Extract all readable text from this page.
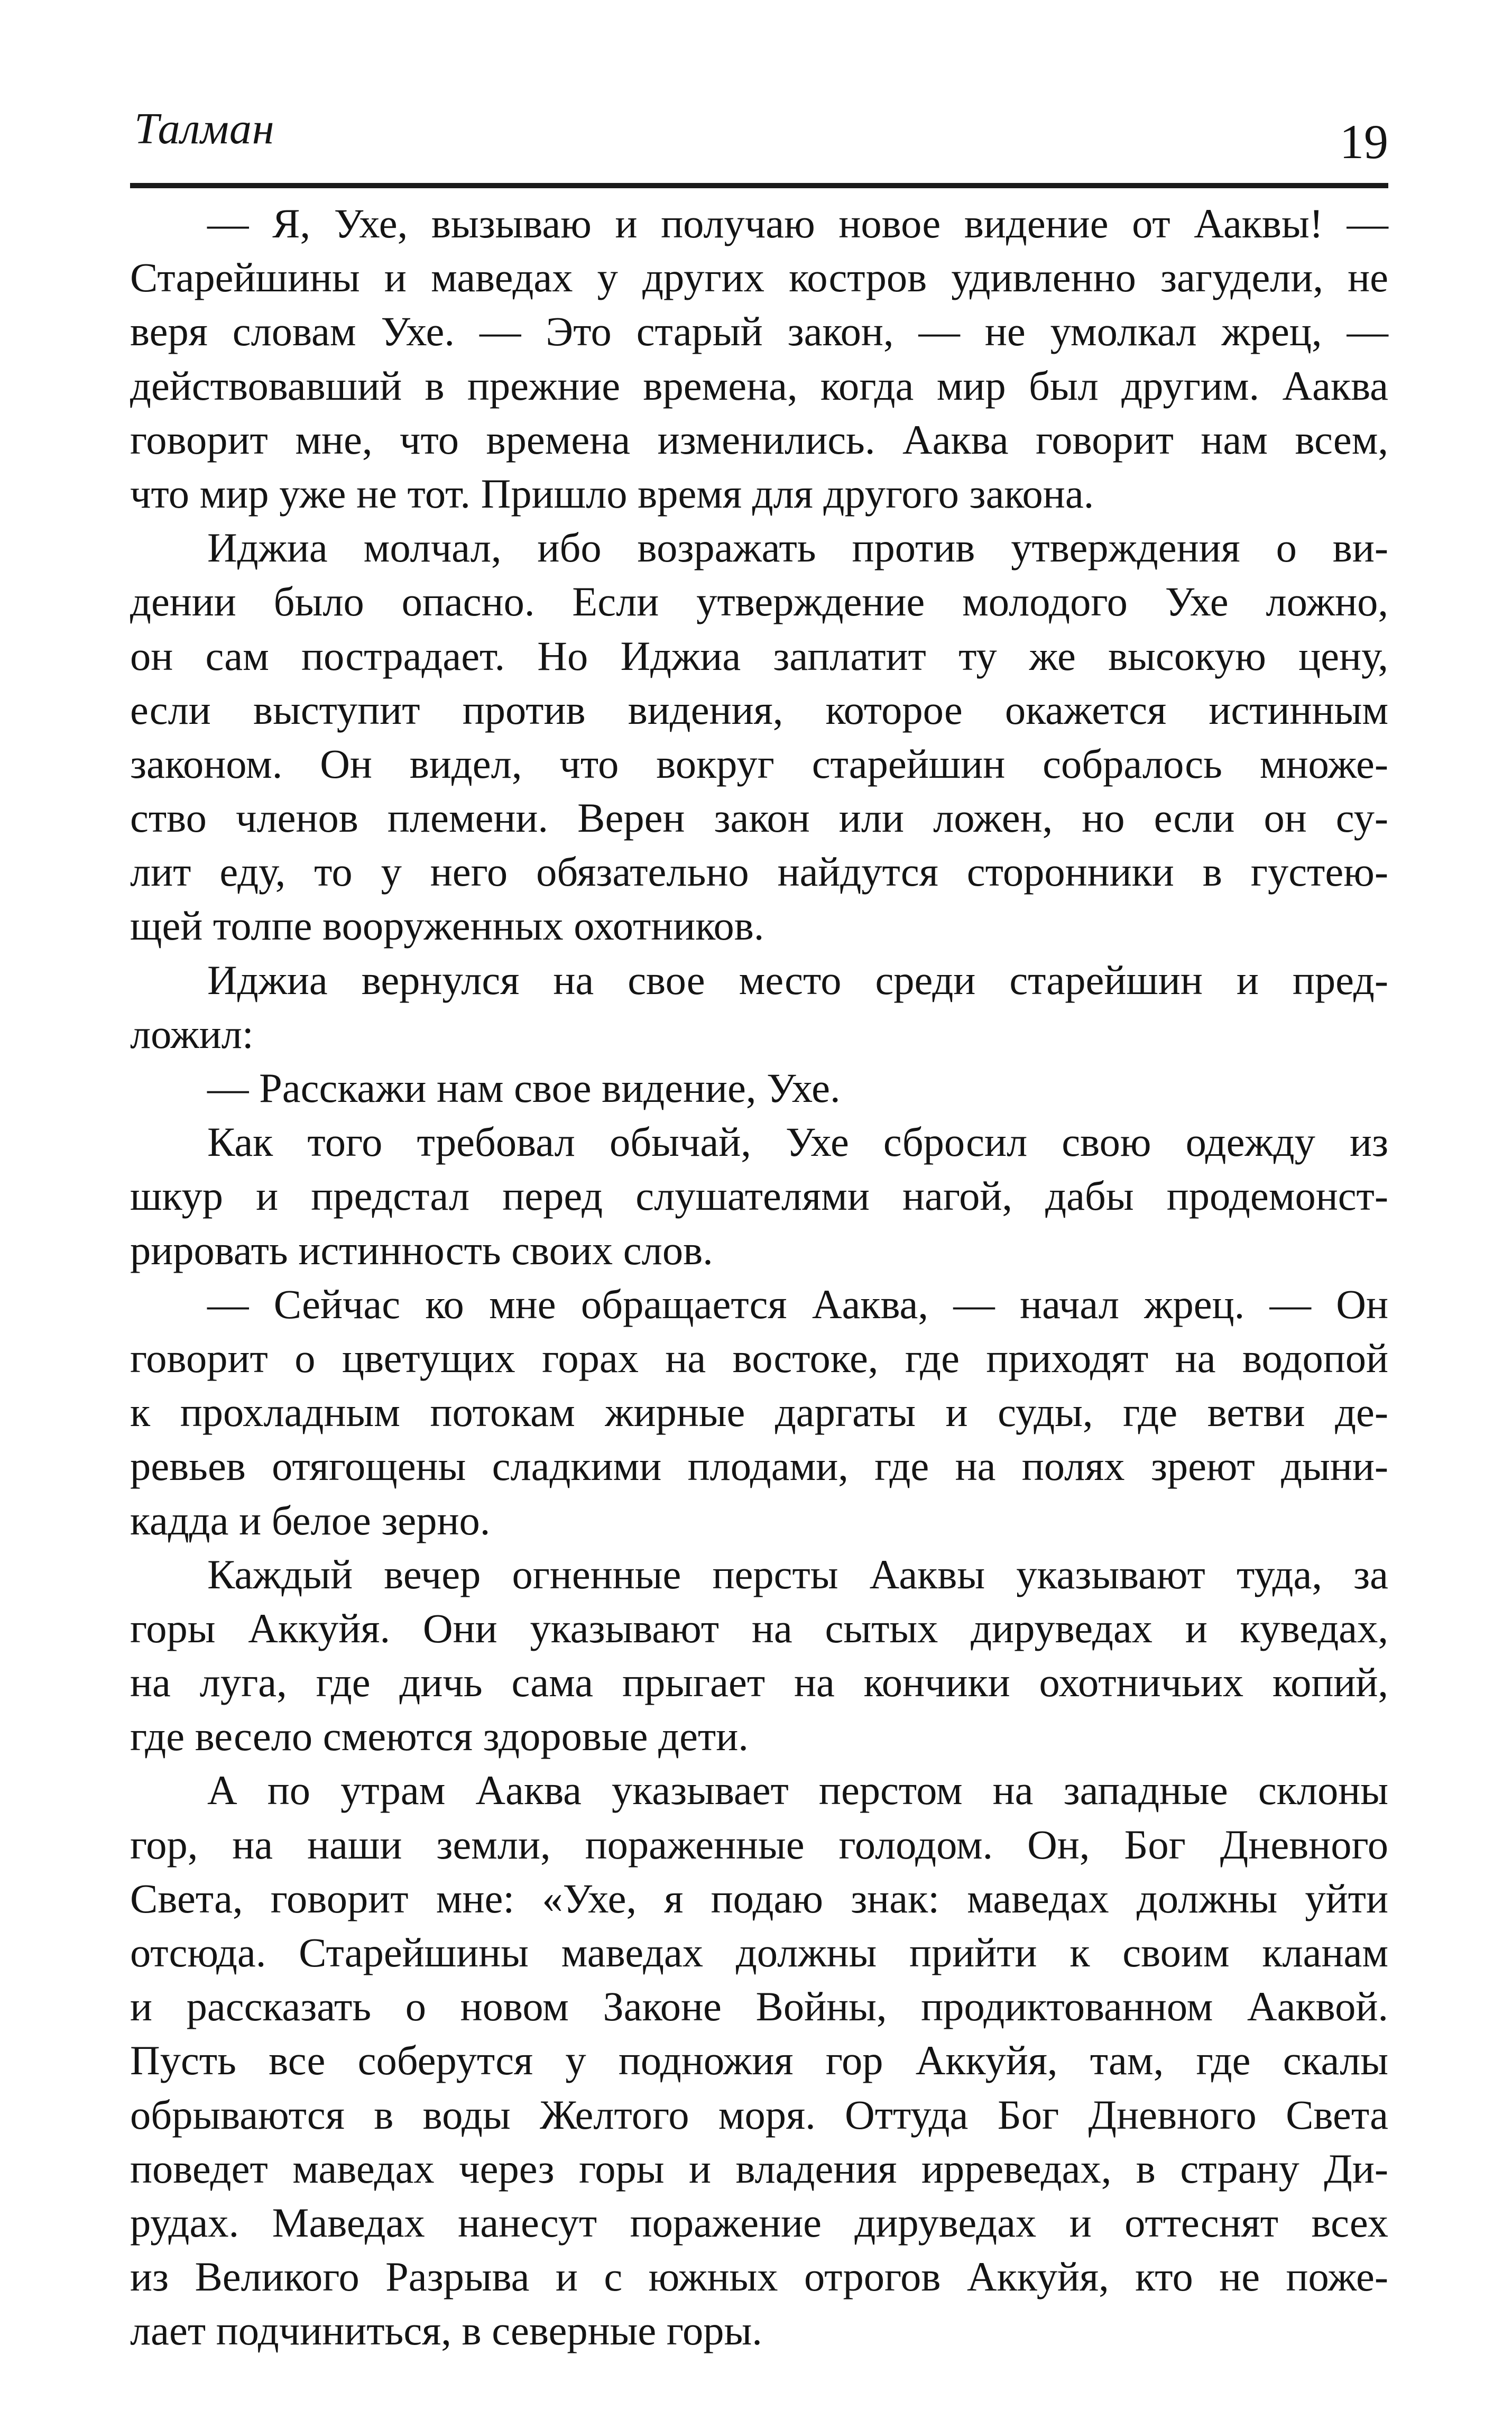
Талман	19
— Я, Ухе, вызываю и получаю новое видение от Ааквы! —
Старейшины и маведах у других костров удивленно загудели, не
веря словам Ухе. — Это старый закон, — не умолкал жрец, —
действовавший в прежние времена, когда мир был другим. Аaква
говорит мне, что времена изменились. Аaква говорит нам всем,
что мир уже не тот. Пришло время для другого закона.
Иджиа молчал, ибо возражать против утверждения о ви-
дении было опасно. Если утверждение молодого Ухе ложно,
он сам пострадает. Но Иджиа заплатит ту же высокую цену,
если выступит против видения, которое окажется истинным
законом. Он видел, что вокруг старейшин собралось множе-
ство членов племени. Верен закон или ложен, но если он су-
лит еду, то у него обязательно найдутся сторонники в густею-
щей толпе вооруженных охотников.
Иджиа вернулся на свое место среди старейшин и пред-
ложил:
— Расскажи нам свое видение, Ухе.
Как того требовал обычай, Ухе сбросил свою одежду из
шкур и предстал перед слушателями нагой, дабы продемонст-
рировать истинность своих слов.
— Сейчас ко мне обращается Аaква, — начал жрец. — Он
говорит о цветущих горах на востоке, где приходят на водопой
к прохладным потокам жирные даргаты и суды, где ветви де-
ревьев отягощены сладкими плодами, где на полях зреют дыни-
кадда и белое зерно.
Каждый вечер огненные персты Ааквы указывают туда, за
горы Аккуйя. Они указывают на сытых дируведах и куведах,
на луга, где дичь сама прыгает на кончики охотничьих копий,
где весело смеются здоровые дети.
А по утрам Аaква указывает перстом на западные склоны
гор, на наши земли, пораженные голодом. Он, Бог Дневного
Света, говорит мне: «Ухе, я подаю знак: маведах должны уйти
отсюда. Старейшины маведах должны прийти к своим кланам
и рассказать о новом Законе Войны, продиктованном Аaквой.
Пусть все соберутся у подножия гор Аккуйя, там, где скалы
обрываются в воды Желтого моря. Оттуда Бог Дневного Света
поведет маведах через горы и владения ирреведах, в страну Ди-
рудах. Маведах нанесут поражение дируведах и оттеснят всех
из Великого Разрыва и с южных отрогов Аккуйя, кто не поже-
лает подчиниться, в северные горы.
